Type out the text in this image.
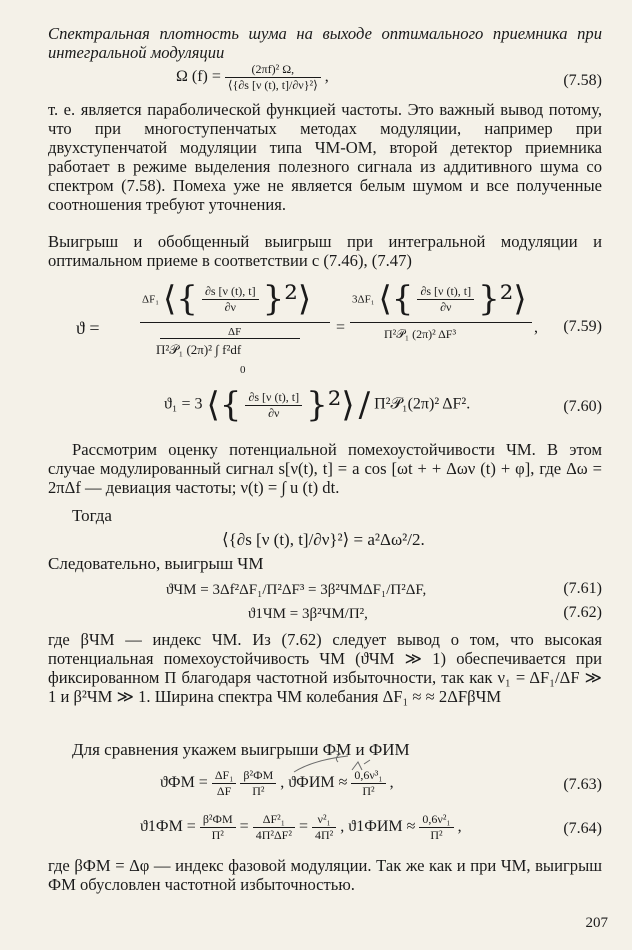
Спектральная плотность шума на выходе оптимального приемника при интегральной модуляции
Ω $(f) = \frac{\text{(2πf)² Ω,}}{\text{⟨\{∂s [ν (t), t]/∂ν\}²⟩}}$ ,	(7.58)
т. е. является параболической функцией частоты. Это важный вывод потому, что при многоступенчатых методах модуляции, например при двухступенчатой модуляции типа ЧМ-ОМ, второй детектор приемника работает в режиме выделения полезного сигнала из аддитивного шума со спектром (7.58). Помеха уже не является белым шумом и все полученные соотношения требуют уточнения.
Выигрыш и обобщенный выигрыш при интегральной модуляции и оптимальном приеме в соответствии с (7.46), (7.47)
ϑ =
ΔF₁ ⟨{ $\frac{\partial s [\nu (t), t]}{\partial\nu}$ }²⟩
ΔF
Π²𝒫₁ (2π)² ∫ f²df
0
=
3ΔF₁ ⟨{ $\frac{\partial s [\nu (t), t]}{\partial\nu}$ }²⟩
Π²𝒫₁ (2π)² ΔF³	, (7.59)
ϑ₁ = 3 ⟨{ $\frac{\partial s [\nu (t), t]}{\partial\nu}$ }²⟩ / Π²𝒫₁(2π)² ΔF².	(7.60)
Рассмотрим оценку потенциальной помехоустойчивости ЧМ. В этом случае модулированный сигнал s[ν(t), t] = a cos [ωt + + Δων (t) + φ], где Δω = 2πΔf — девиация частоты; ν(t) = ∫ u (t) dt.
Тогда
⟨{∂s [ν (t), t]/∂ν}²⟩ = a²Δω²/2.
Следовательно, выигрыш ЧМ
ϑЧМ = 3Δf²ΔF₁/Π²ΔF³ = 3β²ЧМΔF₁/Π²ΔF,	(7.61)
ϑ1ЧМ = 3β²ЧМ/Π²,	(7.62)
где βЧМ — индекс ЧМ. Из (7.62) следует вывод о том, что высокая потенциальная помехоустойчивость ЧМ (ϑЧМ ≫ 1) обеспечивается при фиксированном Π благодаря частотной избыточности, так как ν₁ = ΔF₁/ΔF ≫ 1 и β²ЧМ ≫ 1. Ширина спектра ЧМ колебания ΔF₁ ≈ ≈ 2ΔFβЧМ
Для сравнения укажем выигрыши ФМ и ФИМ
$ϑФМ = \frac{\text{ΔF₁}}{\Delta F}$
$\frac{\text{β²ФМ}}{\text{Π²}}$ , $ϑФИМ \approx \frac{\text{0,6ν³₁}}{\text{Π²}}$ ,	(7.63)
$ϑ1ФМ = \frac{\text{β²ФМ}}{\text{Π²}} = \frac{\text{ΔF²₁}}{\text{4Π²ΔF²}} = \frac{\text{ν²₁}}{\text{4Π²}}$ , $ϑ1ФИМ \approx \frac{\text{0,6ν²₁}}{\text{Π²}}$ ,	(7.64)
где βФМ = Δφ — индекс фазовой модуляции. Так же как и при ЧМ, выигрыш ФМ обусловлен частотной избыточностью.
207
